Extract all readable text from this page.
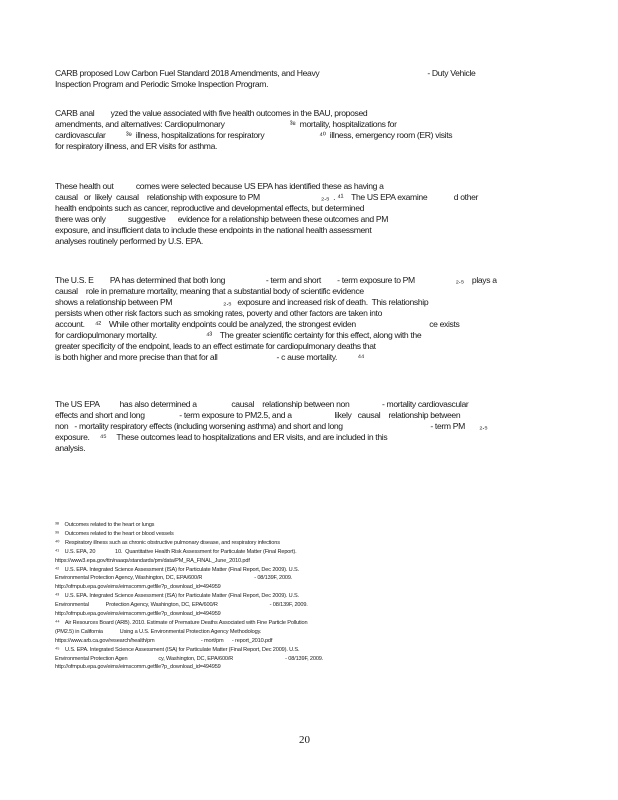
CARB proposed Low Carbon Fuel Standard 2018 Amendments, and Heavy                                                     - Duty Vehicle
Inspection Program and Periodic Smoke Inspection Program.
CARB anal        yzed the value associated with five health outcomes in the BAU, proposed
amendments, and alternatives: Cardiopulmonary                                ³⁸  mortality, hospitalizations for
cardiovascular          ³⁹  illness, hospitalizations for respiratory                           ⁴⁰  illness, emergency room (ER) visits
for respiratory illness, and ER visits for asthma.
These health out           comes were selected because US EPA has identified these as having a
causal   or  likely  causal    relationship with exposure to PM                              ₂.₅  . ⁴¹    The US EPA examine             d other
health endpoints such as cancer, reproductive and developmental effects, but determined
there was only           suggestive      evidence for a relationship between these outcomes and PM
exposure, and insufficient data to include these endpoints in the national health assessment
analyses routinely performed by U.S. EPA.
The U.S. E        PA has determined that both long                    - term and short        - term exposure to PM                    ₂.₅    plays a
causal    role in premature mortality, meaning that a substantial body of scientific evidence
shows a relationship between PM                         ₂.₅   exposure and increased risk of death.  This relationship
persists when other risk factors such as smoking rates, poverty and other factors are taken into
account.     ⁴²    While other mortality endpoints could be analyzed, the strongest eviden                                    ce exists
for cardiopulmonary mortality.                        ⁴³    The greater scientific certainty for this effect, along with the
greater specificity of the endpoint, leads to an effect estimate for cardiopulmonary deaths that
is both higher and more precise than that for all                             - c ause mortality.          ⁴⁴
The US EPA          has also determined a                 causal    relationship between non                - mortality cardiovascular
effects and short and long                 - term exposure to PM2.5, and a                     likely   causal    relationship between
non   - mortality respiratory effects (including worsening asthma) and short and long                                           - term PM       ₂.₅
exposure.     ⁴⁵     These outcomes lead to hospitalizations and ER visits, and are included in this
analysis.
³⁸    Outcomes related to the heart or lungs
³⁹    Outcomes related to the heart or blood vessels
⁴⁰    Respiratory illness such as chronic obstructive pulmonary disease, and respiratory infections
⁴¹    U.S. EPA, 20              10.  Quantitative Health Risk Assessment for Particulate Matter (Final Report).
https://www3.epa.gov/ttn/naaqs/standards/pm/data/PM_RA_FINAL_June_2010.pdf
⁴²    U.S. EPA. Integrated Science Assessment (ISA) for Particulate Matter (Final Report, Dec 2009). U.S.
Environmental Protection Agency, Washington, DC, EPA/600/R                                     - 08/139F, 2009.
http://ofmpub.epa.gov/eims/eimscomm.getfile?p_download_id=494959
⁴³    U.S. EPA. Integrated Science Assessment (ISA) for Particulate Matter (Final Report, Dec 2009). U.S.
Environmental            Protection Agency, Washington, DC, EPA/600/R                                     - 08/139F, 2009.
http://ofmpub.epa.gov/eims/eimscomm.getfile?p_download_id=494959
⁴⁴    Air Resources Board (ARB). 2010. Estimate of Premature Deaths Associated with Fine Particle Pollution
(PM2.5) in California            Using a U.S. Environmental Protection Agency Methodology.
https://www.arb.ca.gov/research/health/pm                                 - mort/pm      - report_2010.pdf
⁴⁵    U.S. EPA. Integrated Science Assessment (ISA) for Particulate Matter (Final Report, Dec 2009). U.S.
Environmental Protection Agen                      cy, Washington, DC, EPA/600/R                                     - 08/139F, 2009.
http://ofmpub.epa.gov/eims/eimscomm.getfile?p_download_id=494959
20
